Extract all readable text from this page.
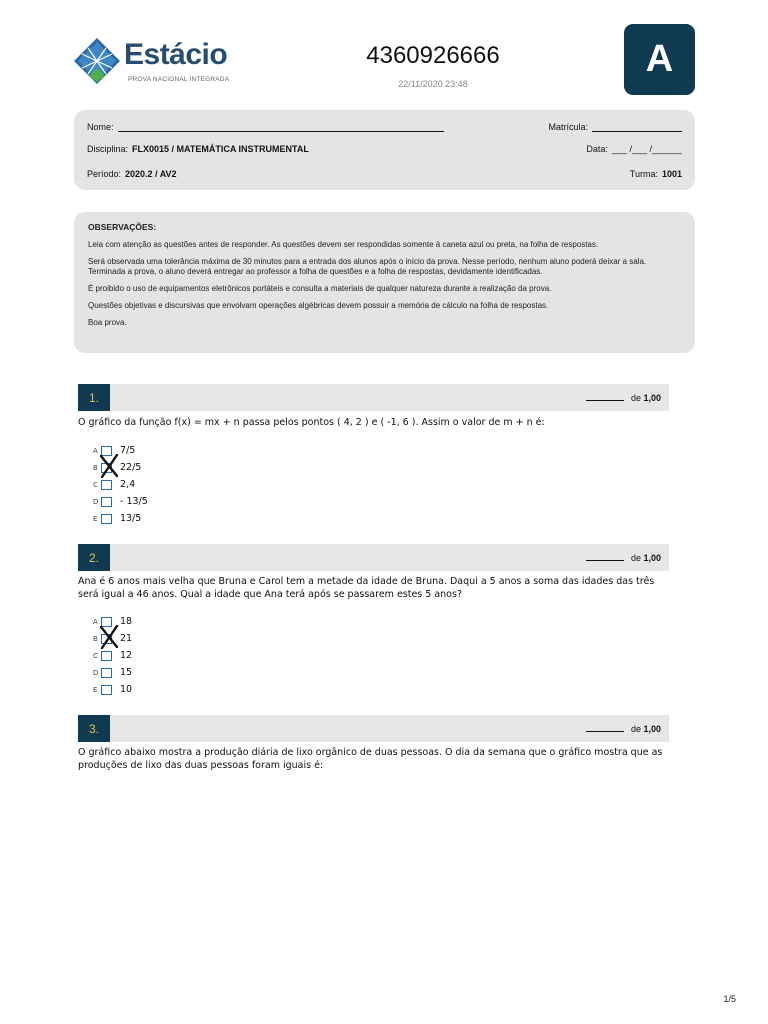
Estácio
PROVA NACIONAL INTEGRADA
4360926666
22/11/2020 23:48
A
Nome:	Matrícula:
Disciplina: FLX0015 / MATEMÁTICA INSTRUMENTAL	Data: ___ /___ /______
Período: 2020.2 / AV2	Turma: 1001
OBSERVAÇÕES:
Leia com atenção as questões antes de responder. As questões devem ser respondidas somente à caneta azul ou preta, na folha de respostas.
Será observada uma tolerância máxima de 30 minutos para a entrada dos alunos após o início da prova. Nesse período, nenhum aluno poderá deixar a sala. Terminada a prova, o aluno deverá entregar ao professor a folha de questões e a folha de respostas, devidamente identificadas.
É proibido o uso de equipamentos eletrônicos portáteis e consulta a materiais de qualquer natureza durante a realização da prova.
Questões objetivas e discursivas que envolvam operações algébricas devem possuir a memória de cálculo na folha de respostas.
Boa prova.
1.	de 1,00
O gráfico da função f(x) = mx + n passa pelos pontos ( 4, 2 ) e ( -1, 6 ). Assim o valor de m + n é:
A	7/5
B	22/5
C	2,4
D - 13/5
E	13/5
2.	de 1,00
Ana é 6 anos mais velha que Bruna e Carol tem a metade da idade de Bruna. Daqui a 5 anos a soma das idades das três será igual a 46 anos. Qual a idade que Ana terá após se passarem estes 5 anos?
A	18
B	21
C	12
D 15
E	10
3.	de 1,00
O gráfico abaixo mostra a produção diária de lixo orgânico de duas pessoas. O dia da semana que o gráfico mostra que as produções de lixo das duas pessoas foram iguais é:
1/5
